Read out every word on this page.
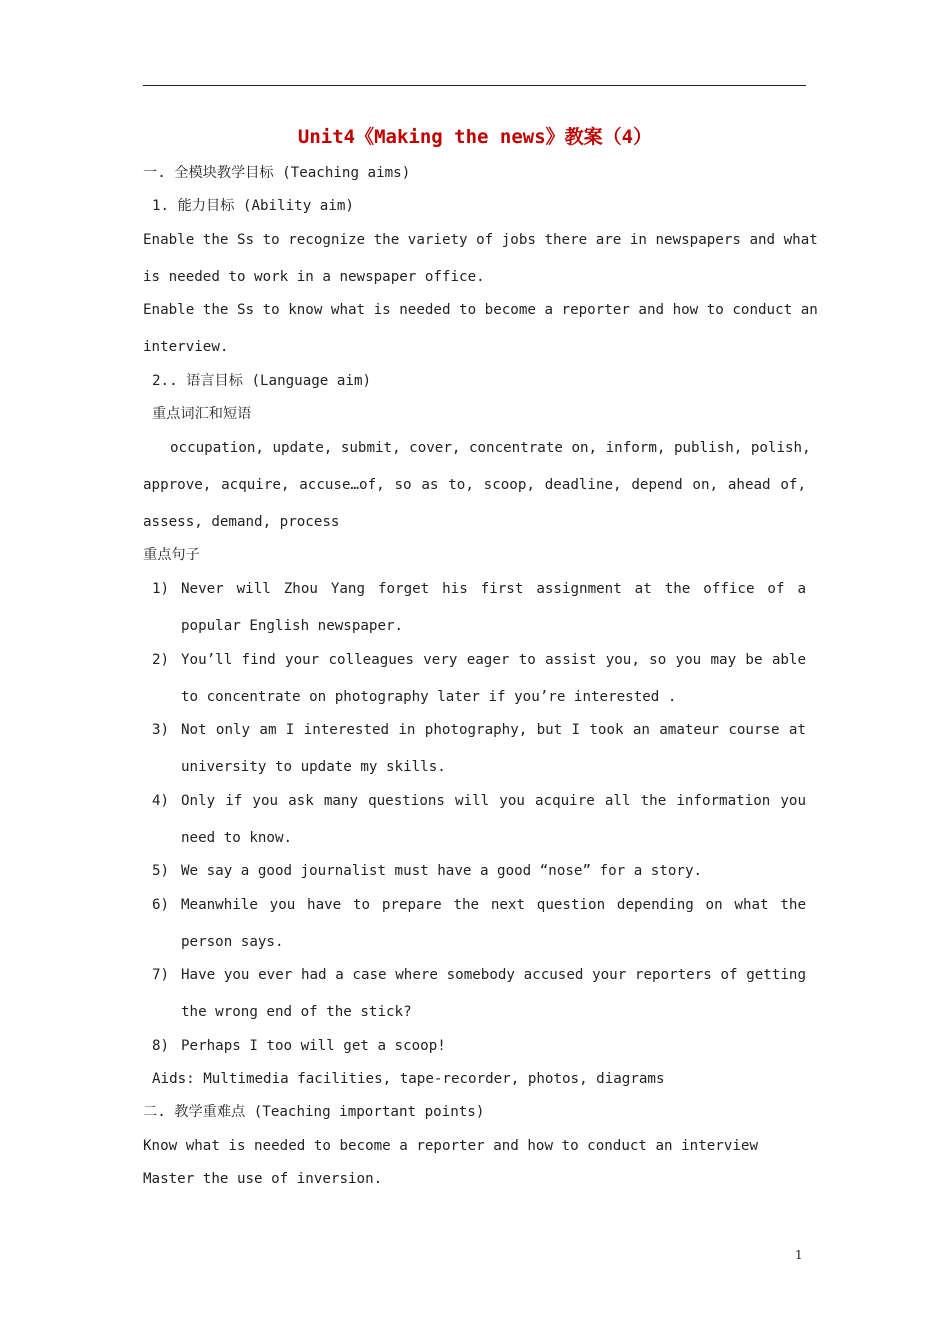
Unit4《Making the news》教案（4）
一. 全模块教学目标 (Teaching aims)
1. 能力目标 (Ability aim)
Enable the Ss to recognize the variety of jobs there are in newspapers and what
is needed to work in a newspaper office.
Enable the Ss to know what is needed to become a reporter and how to conduct an
interview.
2.. 语言目标 (Language aim)
重点词汇和短语
occupation, update, submit, cover, concentrate on, inform, publish, polish,
approve, acquire, accuse…of, so as to, scoop, deadline, depend on, ahead of,
assess, demand, process
重点句子
1) Never will Zhou Yang forget his first assignment at the office of a
popular English newspaper.
2) You’ll find your colleagues very eager to assist you, so you may be able
to concentrate on photography later if you’re interested .
3) Not only am I interested in photography, but I took an amateur course at
university to update my skills.
4) Only if you ask many questions will you acquire all the information you
need to know.
5) We say a good journalist must have a good “nose” for a story.
6) Meanwhile you have to prepare the next question depending on what the
person says.
7) Have you ever had a case where somebody accused your reporters of getting
the wrong end of the stick?
8) Perhaps I too will get a scoop!
Aids: Multimedia facilities, tape-recorder, photos, diagrams
二. 教学重难点 (Teaching important points)
Know what is needed to become a reporter and how to conduct an interview
Master the use of inversion.
1
